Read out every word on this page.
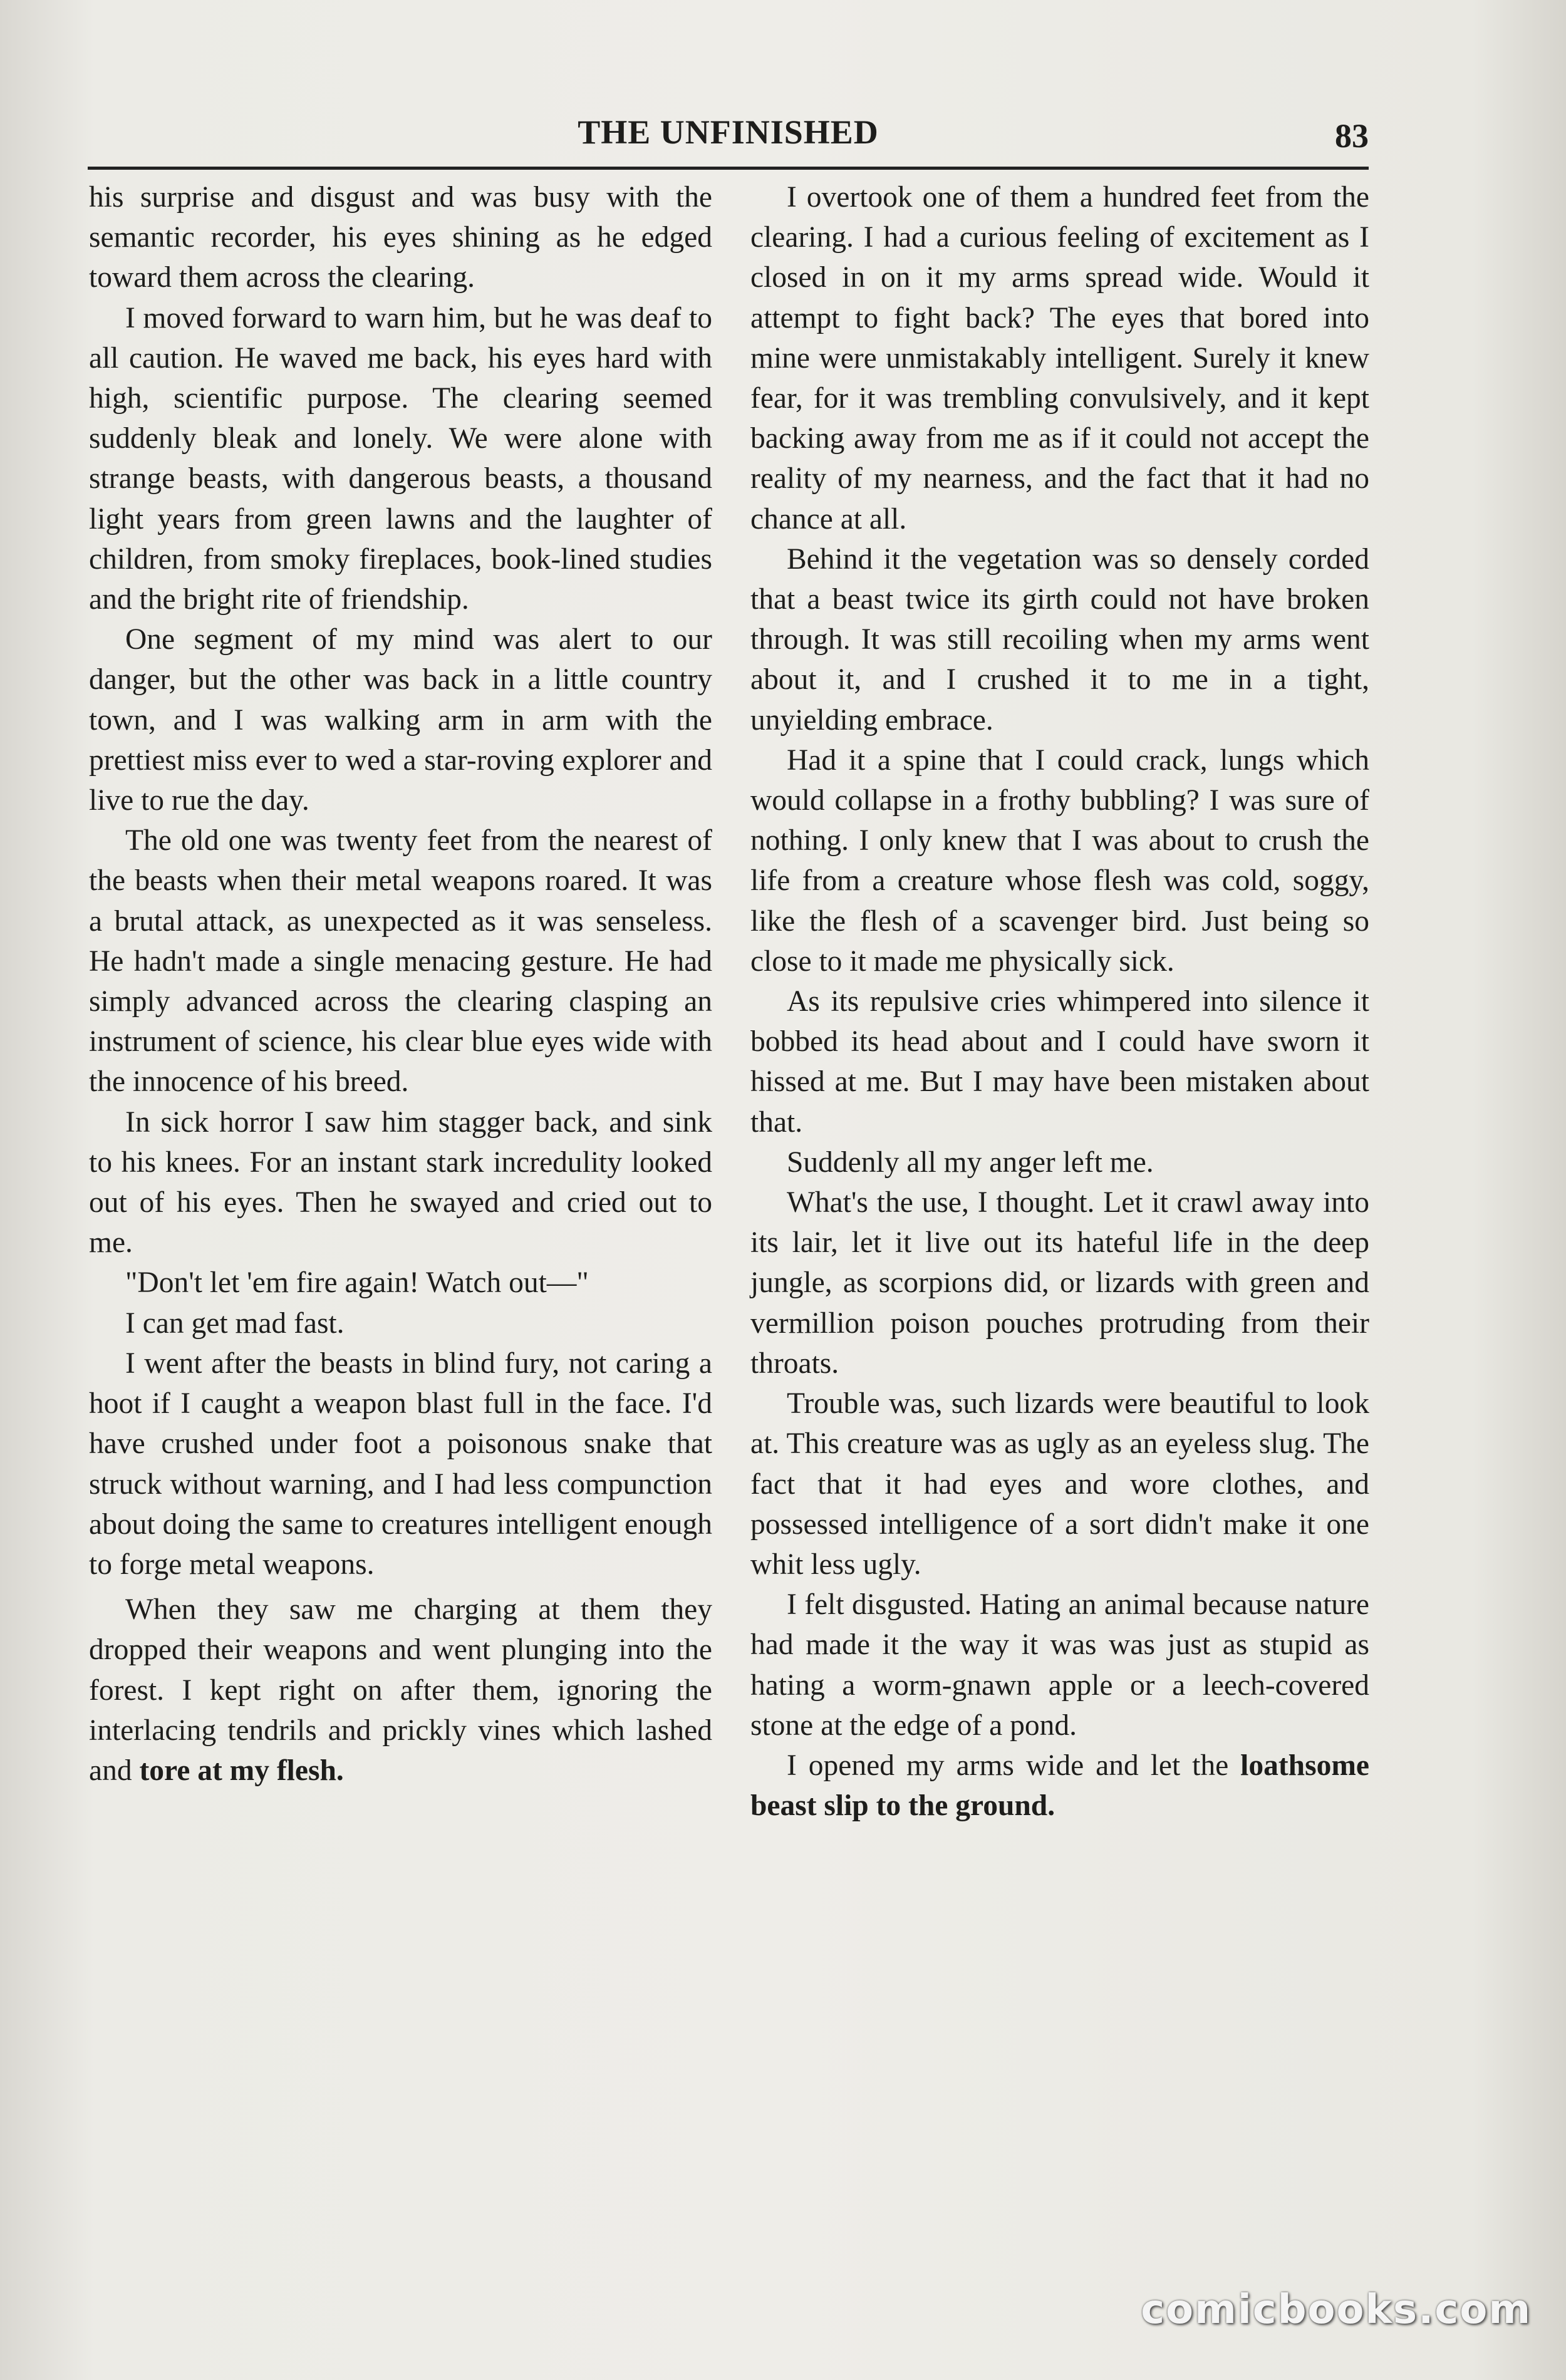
THE UNFINISHED	83

his surprise and disgust and was busy with the semantic recorder, his eyes shining as he edged toward them across the clearing.

I moved forward to warn him, but he was deaf to all caution. He waved me back, his eyes hard with high, scientific purpose. The clearing seemed suddenly bleak and lonely. We were alone with strange beasts, with dangerous beasts, a thousand light years from green lawns and the laughter of children, from smoky fireplaces, book-lined studies and the bright rite of friendship.

One segment of my mind was alert to our danger, but the other was back in a little country town, and I was walking arm in arm with the prettiest miss ever to wed a star-roving explorer and live to rue the day.

The old one was twenty feet from the nearest of the beasts when their metal weapons roared. It was a brutal attack, as unexpected as it was senseless. He hadn't made a single menacing gesture. He had simply advanced across the clearing clasping an instrument of science, his clear blue eyes wide with the innocence of his breed.

In sick horror I saw him stagger back, and sink to his knees. For an instant stark incredulity looked out of his eyes. Then he swayed and cried out to me.

"Don't let 'em fire again! Watch out—"

I can get mad fast.

I went after the beasts in blind fury, not caring a hoot if I caught a weapon blast full in the face. I'd have crushed under foot a poisonous snake that struck without warning, and I had less compunction about doing the same to creatures intelligent enough to forge metal weapons.

When they saw me charging at them they dropped their weapons and went plunging into the forest. I kept right on after them, ignoring the interlacing tendrils and prickly vines which lashed and tore at my flesh.

I overtook one of them a hundred feet from the clearing. I had a curious feeling of excitement as I closed in on it my arms spread wide. Would it attempt to fight back? The eyes that bored into mine were unmistakably intelligent. Surely it knew fear, for it was trembling convulsively, and it kept backing away from me as if it could not accept the reality of my nearness, and the fact that it had no chance at all.

Behind it the vegetation was so densely corded that a beast twice its girth could not have broken through. It was still recoiling when my arms went about it, and I crushed it to me in a tight, unyielding embrace.

Had it a spine that I could crack, lungs which would collapse in a frothy bubbling? I was sure of nothing. I only knew that I was about to crush the life from a creature whose flesh was cold, soggy, like the flesh of a scavenger bird. Just being so close to it made me physically sick.

As its repulsive cries whimpered into silence it bobbed its head about and I could have sworn it hissed at me. But I may have been mistaken about that.

Suddenly all my anger left me.

What's the use, I thought. Let it crawl away into its lair, let it live out its hateful life in the deep jungle, as scorpions did, or lizards with green and vermillion poison pouches protruding from their throats.

Trouble was, such lizards were beautiful to look at. This creature was as ugly as an eyeless slug. The fact that it had eyes and wore clothes, and possessed intelligence of a sort didn't make it one whit less ugly.

I felt disgusted. Hating an animal because nature had made it the way it was was just as stupid as hating a worm-gnawn apple or a leech-covered stone at the edge of a pond.

I opened my arms wide and let the loathsome beast slip to the ground.

comicbooks.com
